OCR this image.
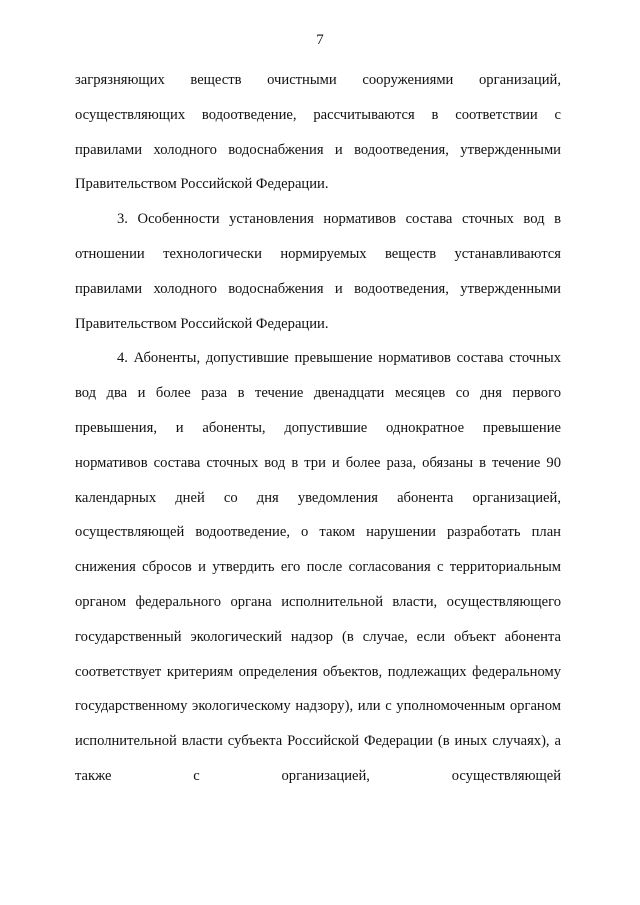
7

загрязняющих веществ очистными сооружениями организаций, осуществляющих водоотведение, рассчитываются в соответствии с правилами холодного водоснабжения и водоотведения, утвержденными Правительством Российской Федерации.

3. Особенности установления нормативов состава сточных вод в отношении технологически нормируемых веществ устанавливаются правилами холодного водоснабжения и водоотведения, утвержденными Правительством Российской Федерации.

4. Абоненты, допустившие превышение нормативов состава сточных вод два и более раза в течение двенадцати месяцев со дня первого превышения, и абоненты, допустившие однократное превышение нормативов состава сточных вод в три и более раза, обязаны в течение 90 календарных дней со дня уведомления абонента организацией, осуществляющей водоотведение, о таком нарушении разработать план снижения сбросов и утвердить его после согласования с территориальным органом федерального органа исполнительной власти, осуществляющего государственный экологический надзор (в случае, если объект абонента соответствует критериям определения объектов, подлежащих федеральному государственному экологическому надзору), или с уполномоченным органом исполнительной власти субъекта Российской Федерации (в иных случаях), а также с организацией, осуществляющей
